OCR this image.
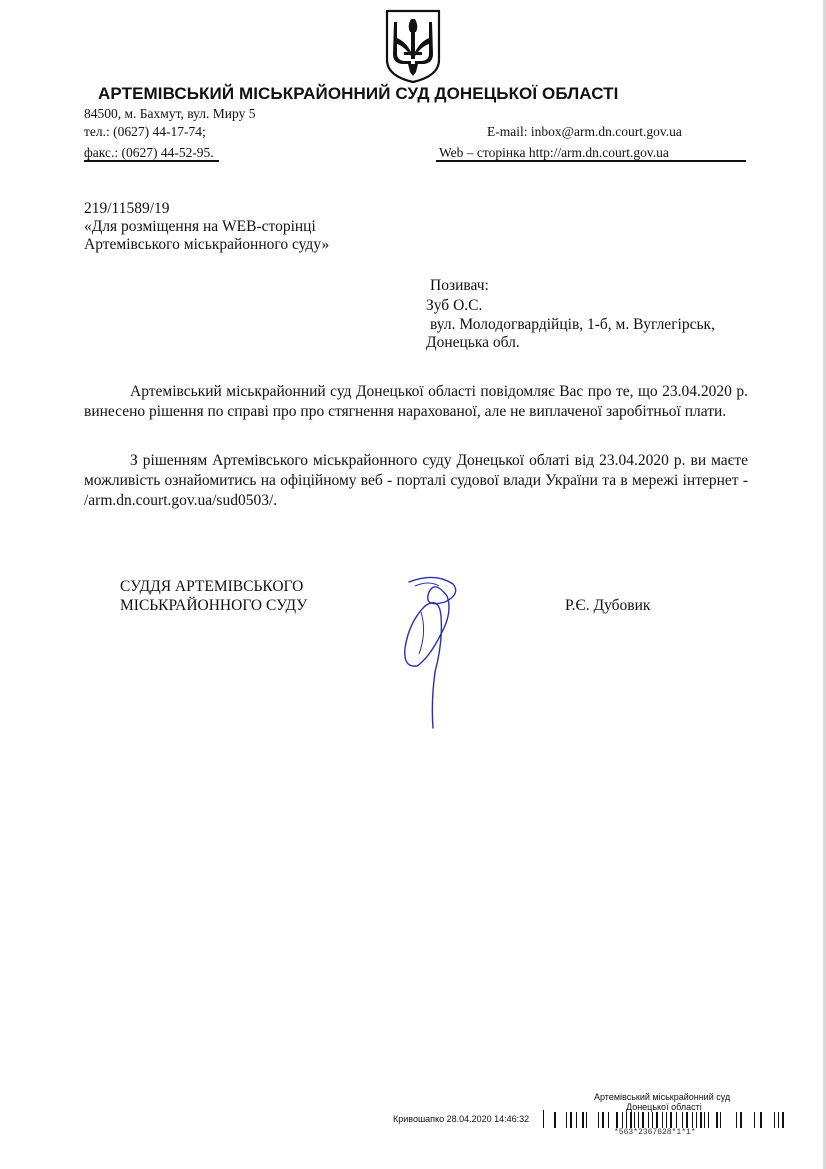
АРТЕМІВСЬКИЙ МІСЬКРАЙОННИЙ СУД ДОНЕЦЬКОЇ ОБЛАСТІ
84500, м. Бахмут, вул. Миру 5
тел.: (0627) 44-17-74;	E-mail: inbox@arm.dn.court.gov.ua
факс.: (0627) 44-52-95.	Web – сторінка http://arm.dn.court.gov.ua
219/11589/19
«Для розміщення на WEB-сторінці
Артемівського міськрайонного суду»
Позивач:
Зуб О.С.
вул. Молодогвардійців, 1-б, м. Вуглегірськ,
Донецька обл.
Артемівський міськрайонний суд Донецької області повідомляє Вас про те, що 23.04.2020 р. винесено рішення по справі про про стягнення нарахованої, але не виплаченої заробітньої плати.
З рішенням Артемівського міськрайонного суду Донецької облаті від 23.04.2020 р. ви маєте можливість ознайомитись на офіційному веб - порталі судової влади України та в мережі інтернет - /arm.dn.court.gov.ua/sud0503/.
СУДДЯ АРТЕМІВСЬКОГО
МІСЬКРАЙОННОГО СУДУ	Р.Є. Дубовик
Артемівський міськрайонний суд
Донецької області
Кривошапко 28.04.2020 14:46:32
*563*2367628*1*1*
